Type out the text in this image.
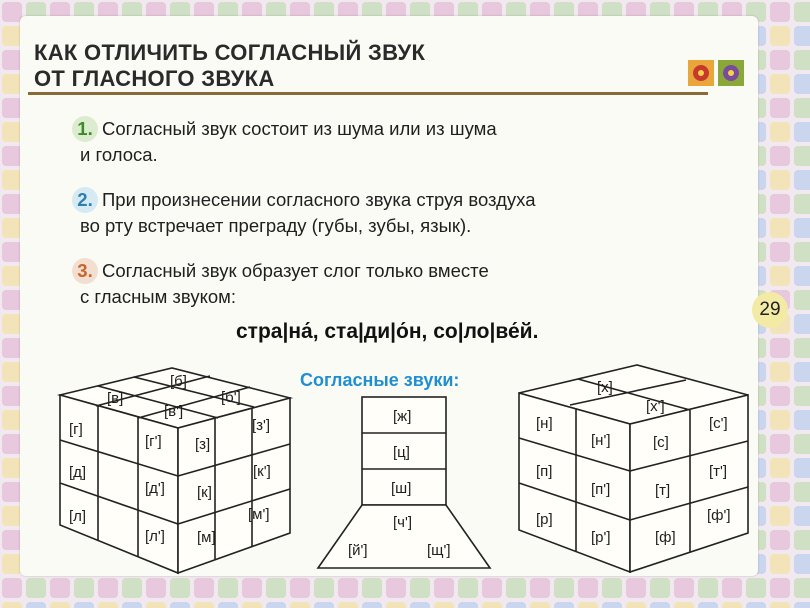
КАК ОТЛИЧИТЬ СОГЛАСНЫЙ ЗВУК
ОТ ГЛАСНОГО ЗВУКА
1. Согласный звук состоит из шума или из шума
и голоса.
2. При произнесении согласного звука струя воздуха
во рту встречает преграду (губы, зубы, язык).
3. Согласный звук образует слог только вместе
с гласным звуком:
стра|на́, ста|ди|о́н, со|ло|ве́й.
29
Согласные звуки:
[б]
[в]	[б']
[в']
[г]
[г']
[д]
[д']
[л]
[л']
[з]
[з']
[к]
[к']
[м]
[м']
[ж]
[ц]
[ш]
[ч']
[й']	[щ']
[х]
[х']
[н]
[н']
[п]
[п']
[р]
[р']
[с]
[с']
[т]
[т']
[ф]
[ф']
